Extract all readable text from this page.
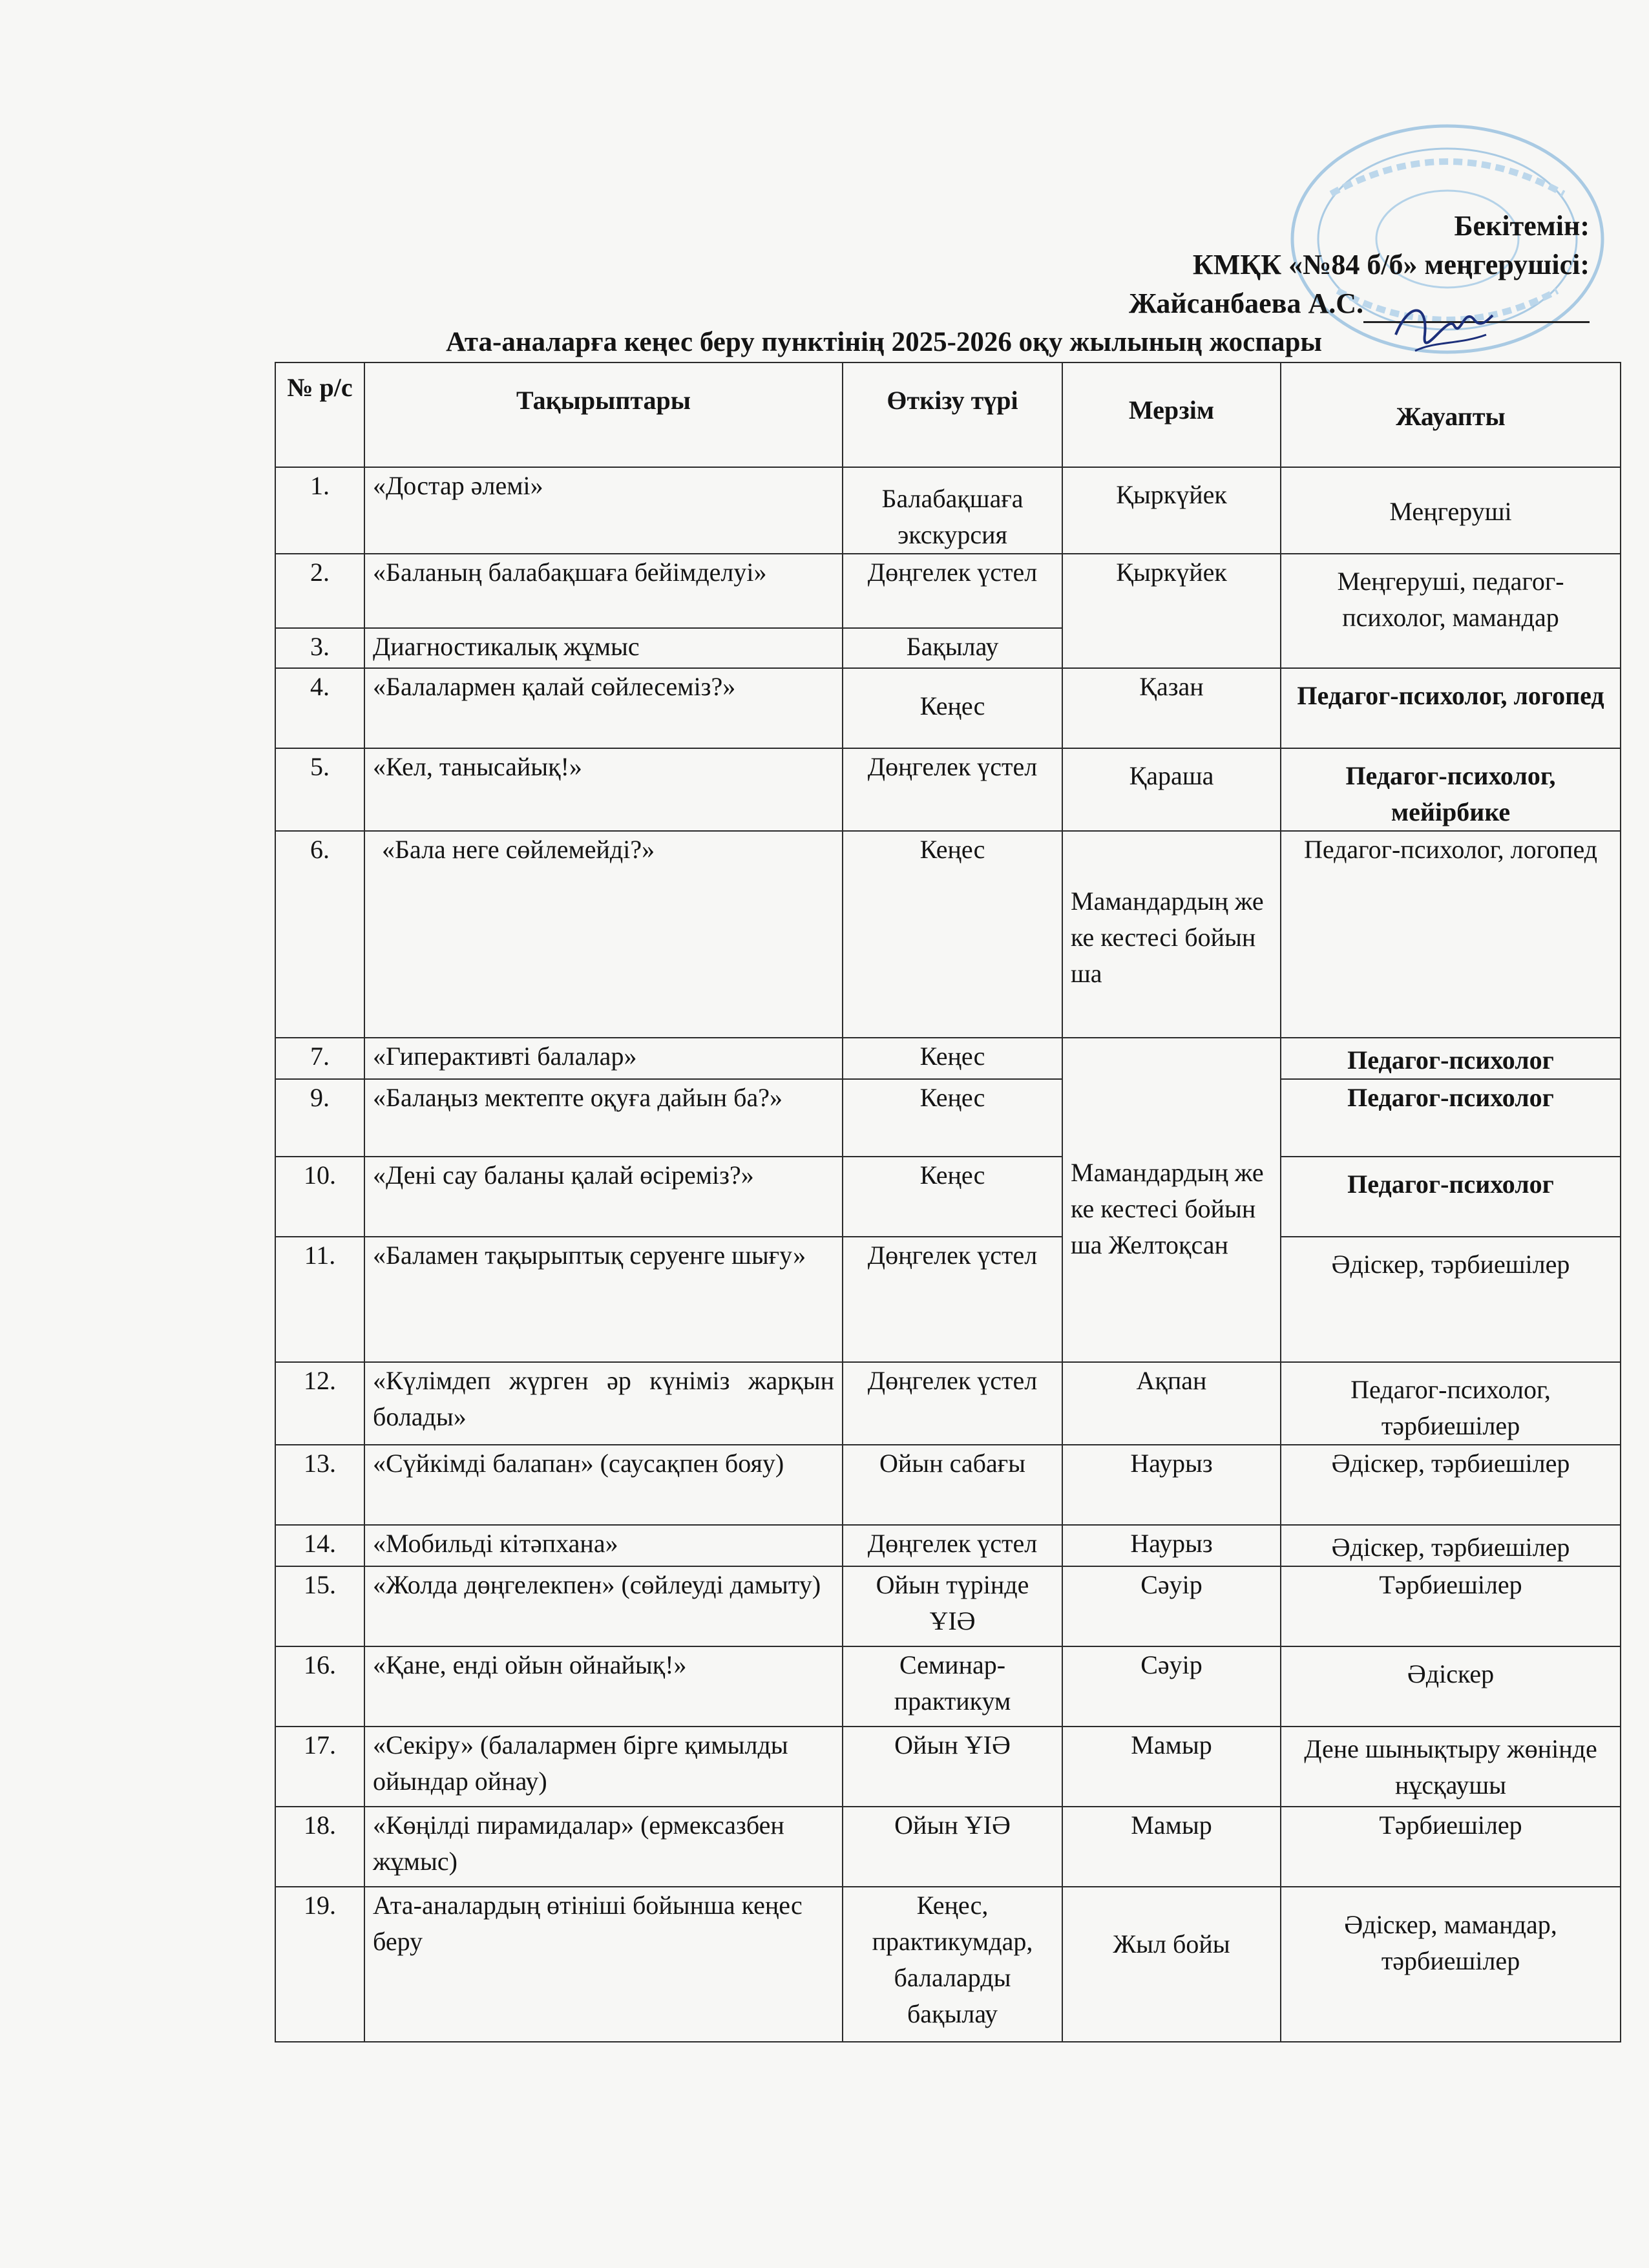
Бекітемін:
КМҚК «№84 б/б» меңгерушісі:
Жайсанбаева А.С.
Ата-аналарға кеңес беру пунктінің 2025-2026 оқу жылының жоспары
№ р/с	Тақырыптары	Өткізу түрі	Мерзім	Жауапты
1.	«Достар әлемі»	Балабақшаға экскурсия	Қыркүйек	Меңгеруші
2.	«Баланың балабақшаға бейімделуі»	Дөңгелек үстел	Қыркүйек	Меңгеруші, педагог-психолог, мамандар
3.	Диагностикалық жұмыс	Бақылау		
4.	«Балалармен қалай сөйлесеміз?»	Кеңес	Қазан	Педагог-психолог, логопед
5.	«Кел, танысайық!»	Дөңгелек үстел	Қараша	Педагог-психолог, мейірбике
6.	«Бала неге сөйлемейді?»	Кеңес	Мамандардың жеке кестесі бойынша	Педагог-психолог, логопед
7.	«Гиперактивті балалар»	Кеңес	Мамандардың жеке кестесі бойынша Желтоқсан	Педагог-психолог
9.	«Балаңыз мектепте оқуға дайын ба?»	Кеңес		Педагог-психолог
10.	«Дені сау баланы қалай өсіреміз?»	Кеңес		Педагог-психолог
11.	«Баламен тақырыптық серуенге шығу»	Дөңгелек үстел		Әдіскер, тәрбиешілер
12.	«Күлімдеп жүрген әр күніміз жарқын болады»	Дөңгелек үстел	Ақпан	Педагог-психолог, тәрбиешілер
13.	«Сүйкімді балапан» (саусақпен бояу)	Ойын сабағы	Наурыз	Әдіскер, тәрбиешілер
14.	«Мобильді кітәпхана»	Дөңгелек үстел	Наурыз	Әдіскер, тәрбиешілер
15.	«Жолда дөңгелекпен» (сөйлеуді дамыту)	Ойын түрінде ҰІӘ	Сәуір	Тәрбиешілер
16.	«Қане, енді ойын ойнайық!»	Семинар-практикум	Сәуір	Әдіскер
17.	«Секіру» (балалармен бірге қимылды ойындар ойнау)	Ойын ҰІӘ	Мамыр	Дене шынықтыру жөнінде нұсқаушы
18.	«Көңілді пирамидалар» (ермексазбен жұмыс)	Ойын ҰІӘ	Мамыр	Тәрбиешілер
19.	Ата-аналардың өтініші бойынша кеңес беру	Кеңес, практикумдар, балаларды бақылау	Жыл бойы	Әдіскер, мамандар, тәрбиешілер
